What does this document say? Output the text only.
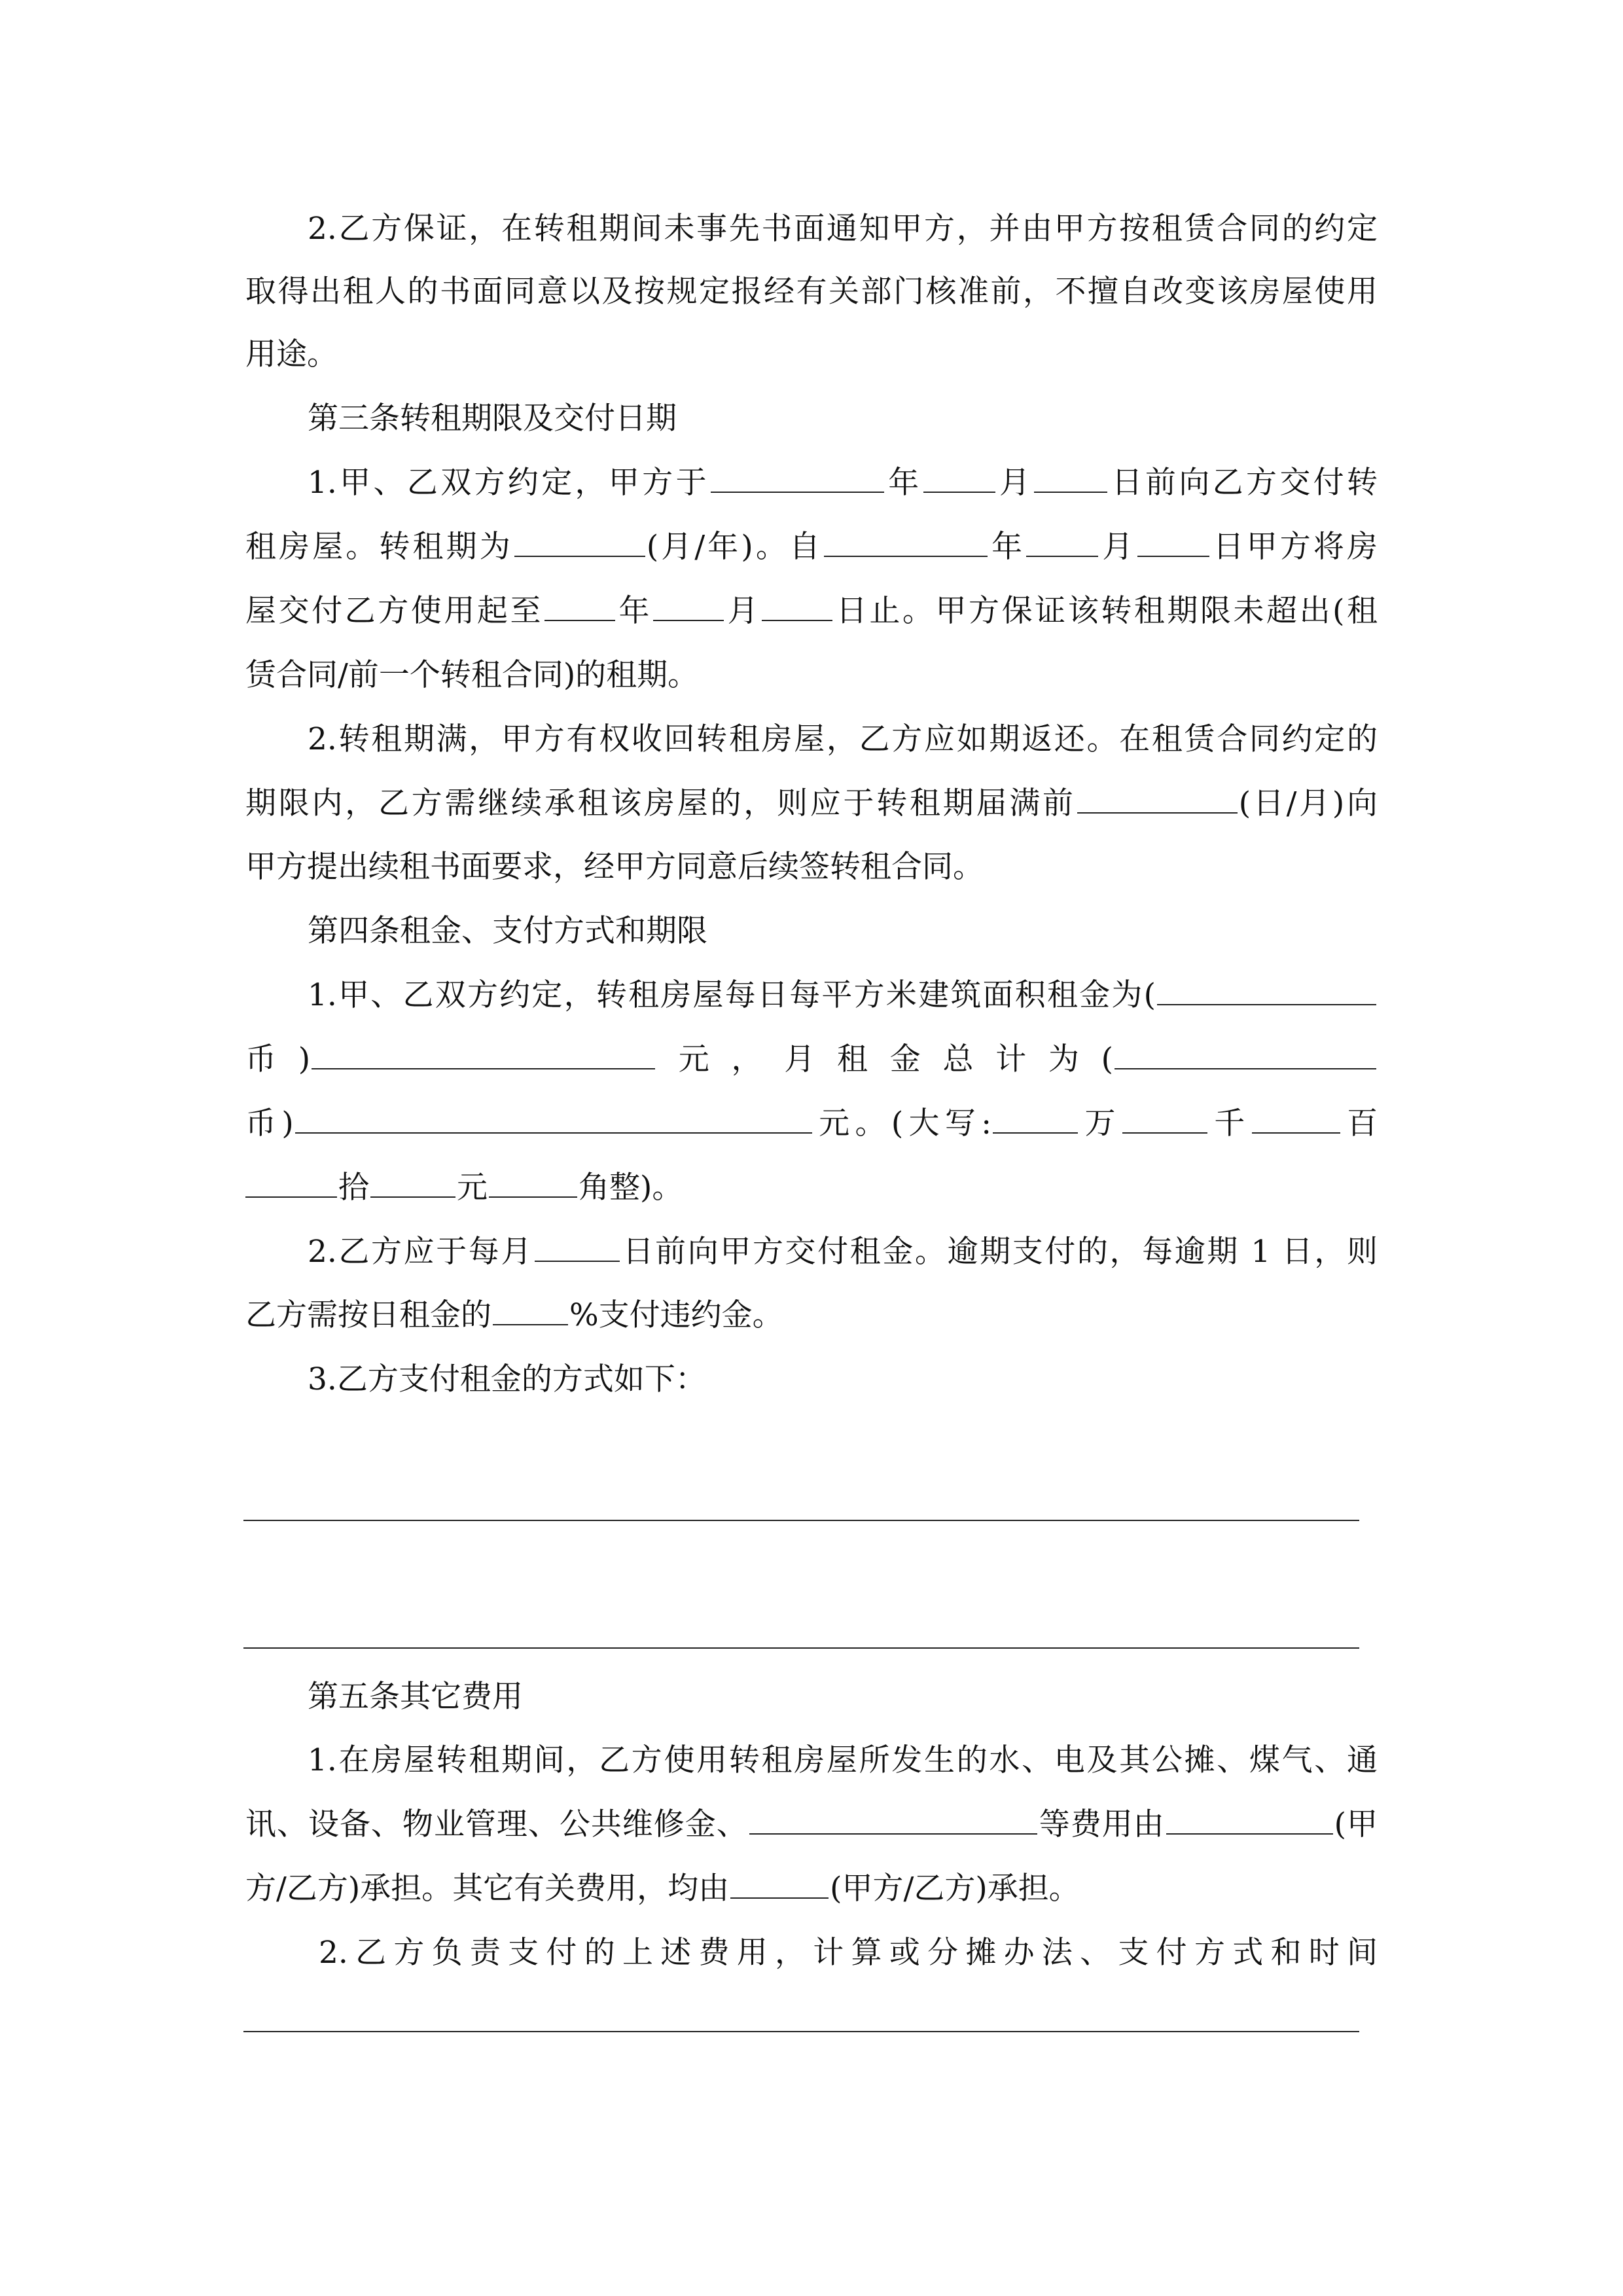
2.乙方保证，在转租期间未事先书面通知甲方，并由甲方按租赁合同的约定
取得出租人的书面同意以及按规定报经有关部门核准前，不擅自改变该房屋使用
用途。
第三条转租期限及交付日期
1.甲、乙双方约定，甲方于	年 月 日前向乙方交付转
租房屋。转租期为	(月/年)。自	年 月 日甲方将房
屋交付乙方使用起至 年 月 日止。甲方保证该转租期限未超出(租
赁合同/前一个转租合同)的租期。
2.转租期满，甲方有权收回转租房屋，乙方应如期返还。在租赁合同约定的
期限内，乙方需继续承租该房屋的，则应于转租期届满前	(日/月)向
甲方提出续租书面要求，经甲方同意后续签转租合同。
第四条租金、支付方式和期限
1.甲、乙双方约定，转租房屋每日每平方米建筑面积租金为(
币)	元，月租金总计为(
币)	元。(大写:	万	千	百
拾	元	角整)。
2.乙方应于每月	日前向甲方交付租金。逾期支付的，每逾期 1 日，则
乙方需按日租金的	%支付违约金。
3.乙方支付租金的方式如下：
第五条其它费用
1.在房屋转租期间，乙方使用转租房屋所发生的水、电及其公摊、煤气、通
讯、设备、物业管理、公共维修金、	等费用由	(甲
方/乙方)承担。其它有关费用，均由	(甲方/乙方)承担。
2.乙方负责支付的上述费用，计算或分摊办法、支付方式和时间
